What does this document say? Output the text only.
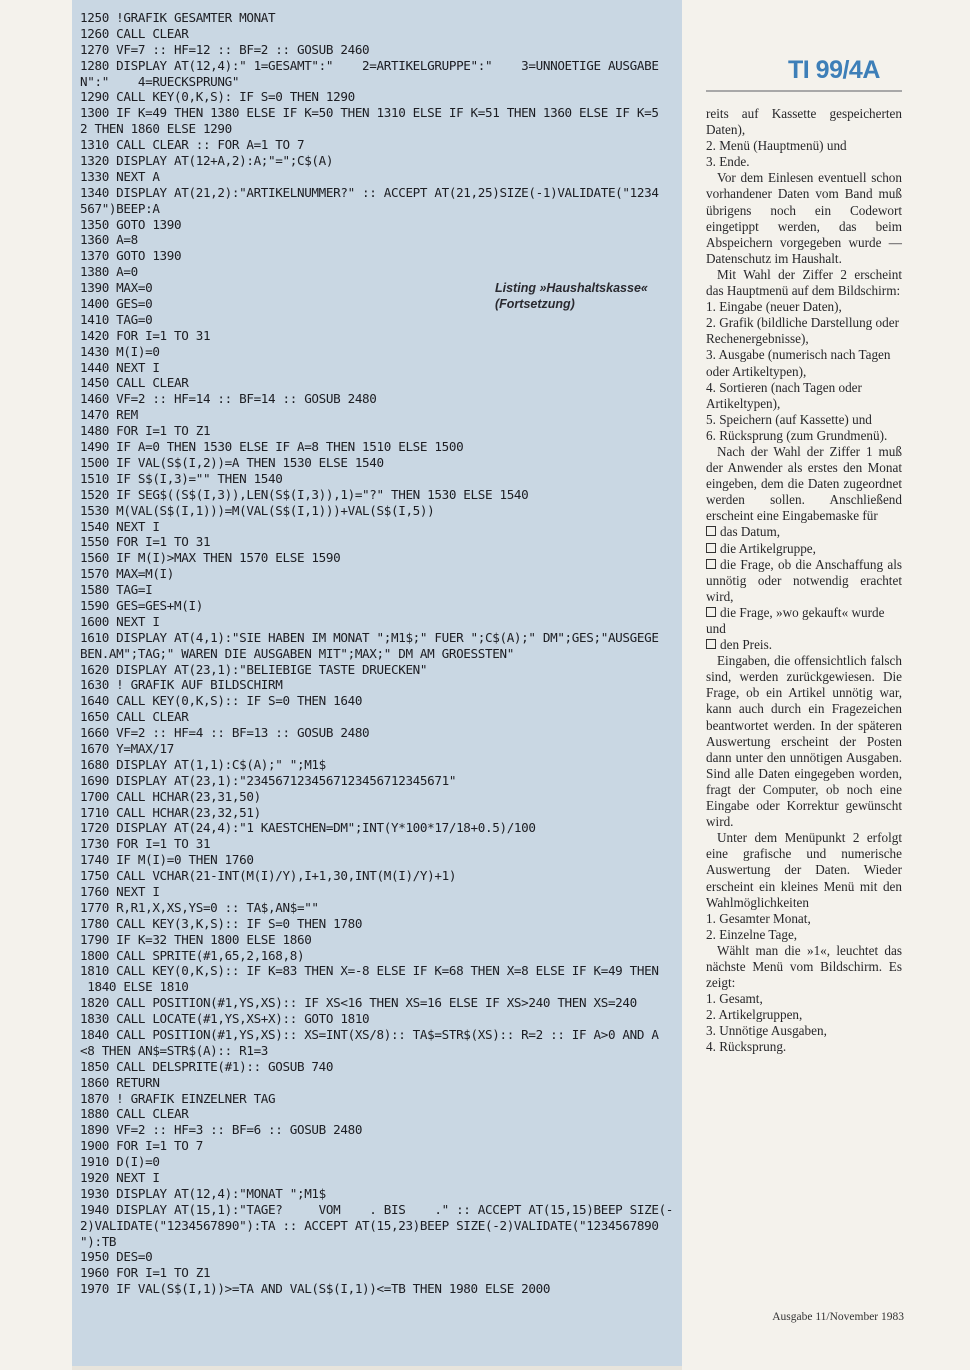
1250 !GRAFIK GESAMTER MONAT
1260 CALL CLEAR
1270 VF=7 :: HF=12 :: BF=2 :: GOSUB 2460
1280 DISPLAY AT(12,4):" 1=GESAMT":"    2=ARTIKELGRUPPE":"    3=UNNOETIGE AUSGABE
N":"    4=RUECKSPRUNG"
1290 CALL KEY(0,K,S): IF S=0 THEN 1290
1300 IF K=49 THEN 1380 ELSE IF K=50 THEN 1310 ELSE IF K=51 THEN 1360 ELSE IF K=5
2 THEN 1860 ELSE 1290
1310 CALL CLEAR :: FOR A=1 TO 7
1320 DISPLAY AT(12+A,2):A;"=";C$(A)
1330 NEXT A
1340 DISPLAY AT(21,2):"ARTIKELNUMMER?" :: ACCEPT AT(21,25)SIZE(-1)VALIDATE("1234
567")BEEP:A
1350 GOTO 1390
1360 A=8
1370 GOTO 1390
1380 A=0
1390 MAX=0
1400 GES=0
1410 TAG=0
1420 FOR I=1 TO 31
1430 M(I)=0
1440 NEXT I
1450 CALL CLEAR
1460 VF=2 :: HF=14 :: BF=14 :: GOSUB 2480
1470 REM
1480 FOR I=1 TO Z1
1490 IF A=0 THEN 1530 ELSE IF A=8 THEN 1510 ELSE 1500
1500 IF VAL(S$(I,2))=A THEN 1530 ELSE 1540
1510 IF S$(I,3)="" THEN 1540
1520 IF SEG$((S$(I,3)),LEN(S$(I,3)),1)="?" THEN 1530 ELSE 1540
1530 M(VAL(S$(I,1)))=M(VAL(S$(I,1)))+VAL(S$(I,5))
1540 NEXT I
1550 FOR I=1 TO 31
1560 IF M(I)>MAX THEN 1570 ELSE 1590
1570 MAX=M(I)
1580 TAG=I
1590 GES=GES+M(I)
1600 NEXT I
1610 DISPLAY AT(4,1):"SIE HABEN IM MONAT ";M1$;" FUER ";C$(A);" DM";GES;"AUSGEGE
BEN.AM";TAG;" WAREN DIE AUSGABEN MIT";MAX;" DM AM GROESSTEN"
1620 DISPLAY AT(23,1):"BELIEBIGE TASTE DRUECKEN"
1630 ! GRAFIK AUF BILDSCHIRM
1640 CALL KEY(0,K,S):: IF S=0 THEN 1640
1650 CALL CLEAR
1660 VF=2 :: HF=4 :: BF=13 :: GOSUB 2480
1670 Y=MAX/17
1680 DISPLAY AT(1,1):C$(A);" ";M1$
1690 DISPLAY AT(23,1):"2345671234567123456712345671"
1700 CALL HCHAR(23,31,50)
1710 CALL HCHAR(23,32,51)
1720 DISPLAY AT(24,4):"1 KAESTCHEN=DM";INT(Y*100*17/18+0.5)/100
1730 FOR I=1 TO 31
1740 IF M(I)=0 THEN 1760
1750 CALL VCHAR(21-INT(M(I)/Y),I+1,30,INT(M(I)/Y)+1)
1760 NEXT I
1770 R,R1,X,XS,YS=0 :: TA$,AN$=""
1780 CALL KEY(3,K,S):: IF S=0 THEN 1780
1790 IF K=32 THEN 1800 ELSE 1860
1800 CALL SPRITE(#1,65,2,168,8)
1810 CALL KEY(0,K,S):: IF K=83 THEN X=-8 ELSE IF K=68 THEN X=8 ELSE IF K=49 THEN
1840 ELSE 1810
1820 CALL POSITION(#1,YS,XS):: IF XS<16 THEN XS=16 ELSE IF XS>240 THEN XS=240
1830 CALL LOCATE(#1,YS,XS+X):: GOTO 1810
1840 CALL POSITION(#1,YS,XS):: XS=INT(XS/8):: TA$=STR$(XS):: R=2 :: IF A>0 AND A
<8 THEN AN$=STR$(A):: R1=3
1850 CALL DELSPRITE(#1):: GOSUB 740
1860 RETURN
1870 ! GRAFIK EINZELNER TAG
1880 CALL CLEAR
1890 VF=2 :: HF=3 :: BF=6 :: GOSUB 2480
1900 FOR I=1 TO 7
1910 D(I)=0
1920 NEXT I
1930 DISPLAY AT(12,4):"MONAT ";M1$
1940 DISPLAY AT(15,1):"TAGE?     VOM    . BIS    ." :: ACCEPT AT(15,15)BEEP SIZE(-
2)VALIDATE("1234567890"):TA :: ACCEPT AT(15,23)BEEP SIZE(-2)VALIDATE("1234567890
"):TB
1950 DES=0
1960 FOR I=1 TO Z1
1970 IF VAL(S$(I,1))>=TA AND VAL(S$(I,1))<=TB THEN 1980 ELSE 2000
Listing »Haushaltskasse«
(Fortsetzung)
TI 99/4A

reits auf Kassette gespeicherten Daten),

2. Menü (Hauptmenü) und

3. Ende.

Vor dem Einlesen eventuell schon vorhandener Daten vom Band muß übrigens noch ein Codewort eingetippt werden, das beim Abspeichern vorgegeben wurde — Datenschutz im Haushalt.

Mit Wahl der Ziffer 2 erscheint das Hauptmenü auf dem Bildschirm:

1. Eingabe (neuer Daten),

2. Grafik (bildliche Darstellung oder Rechenergebnisse),

3. Ausgabe (numerisch nach Tagen oder Artikeltypen),

4. Sortieren (nach Tagen oder Artikeltypen),

5. Speichern (auf Kassette) und

6. Rücksprung (zum Grundmenü).

Nach der Wahl der Ziffer 1 muß der Anwender als erstes den Monat eingeben, dem die Daten zugeordnet werden sollen. Anschließend erscheint eine Eingabemaske für

das Datum,

die Artikelgruppe,

die Frage, ob die Anschaffung als unnötig oder notwendig erachtet wird,

die Frage, »wo gekauft« wurde und

den Preis.

Eingaben, die offensichtlich falsch sind, werden zurückgewiesen. Die Frage, ob ein Artikel unnötig war, kann auch durch ein Fragezeichen beantwortet werden. In der späteren Auswertung erscheint der Posten dann unter den unnötigen Ausgaben. Sind alle Daten eingegeben worden, fragt der Computer, ob noch eine Eingabe oder Korrektur gewünscht wird.

Unter dem Menüpunkt 2 erfolgt eine grafische und numerische Auswertung der Daten. Wieder erscheint ein kleines Menü mit den Wahlmöglichkeiten

1. Gesamter Monat,

2. Einzelne Tage,

Wählt man die »1«, leuchtet das nächste Menü vom Bildschirm. Es zeigt:

1. Gesamt,

2. Artikelgruppen,

3. Unnötige Ausgaben,

4. Rücksprung.

Ausgabe 11/November 1983
